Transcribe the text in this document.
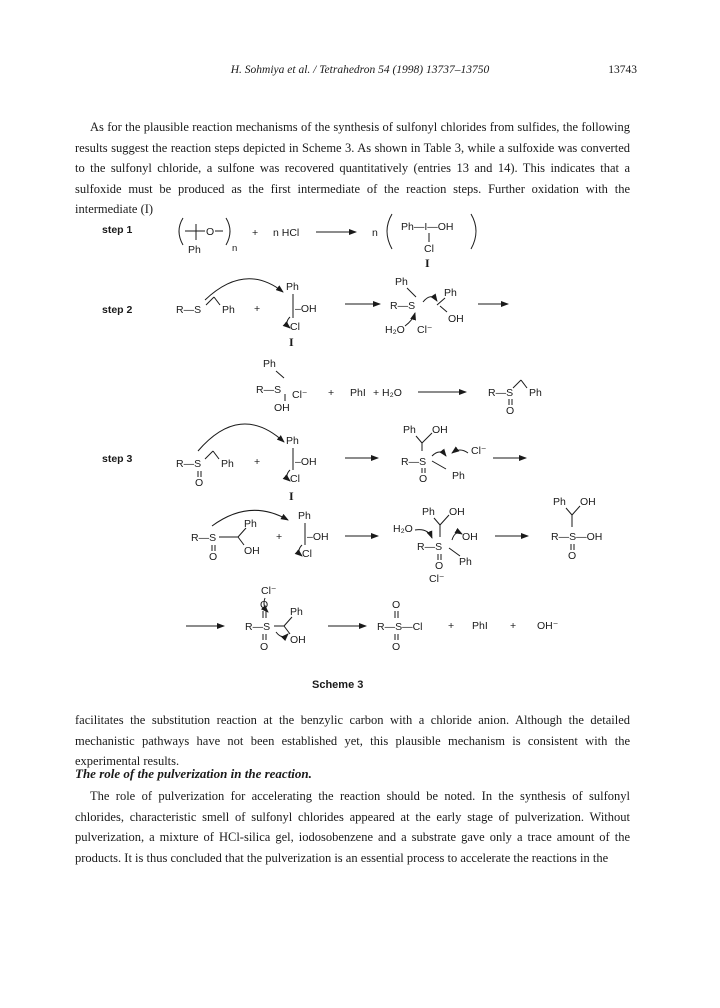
H. Sohmiya et al. / Tetrahedron 54 (1998) 13737–13750	13743
As for the plausible reaction mechanisms of the synthesis of sulfonyl chlorides from sulfides, the following results suggest the reaction steps depicted in Scheme 3. As shown in Table 3, while a sulfoxide was converted to the sulfonyl chloride, a sulfone was recovered quantitatively (entries 13 and 14). This indicates that a sulfoxide must be produced as the first intermediate of the reaction steps. Further oxidation with the intermediate (I)
step 1	O
Ph	n
+ n HCl	n Ph—I—OH
Cl
I
step 2	R—S Ph +
Ph
–OH
Cl
I
Ph
R—S
Ph
OH
H₂O Cl⁻
Ph
R—S
OH
Cl⁻ + PhI + H₂O	R—S Ph
O
step 3	R—S Ph
O
+
Ph
–OH
Cl
I
Ph OH
R—S
Ph
O
Cl⁻
R—S
Ph
OH
O
+
Ph
–OH
Cl
Ph OH
H₂O
R—S
OH
Ph
O
Cl⁻
Ph OH
R—S—OH
O
Cl⁻
O
R—S
Ph
OH
O
O
R—S—Cl
O
+ PhI + OH⁻
Scheme 3
facilitates the substitution reaction at the benzylic carbon with a chloride anion. Although the detailed mechanistic pathways have not been established yet, this plausible mechanism is consistent with the experimental results.
The role of the pulverization in the reaction.
The role of pulverization for accelerating the reaction should be noted. In the synthesis of sulfonyl chlorides, characteristic smell of sulfonyl chlorides appeared at the early stage of pulverization. Without pulverization, a mixture of HCl-silica gel, iodosobenzene and a substrate gave only a trace amount of the products. It is thus concluded that the pulverization is an essential process to accelerate the reactions in the
